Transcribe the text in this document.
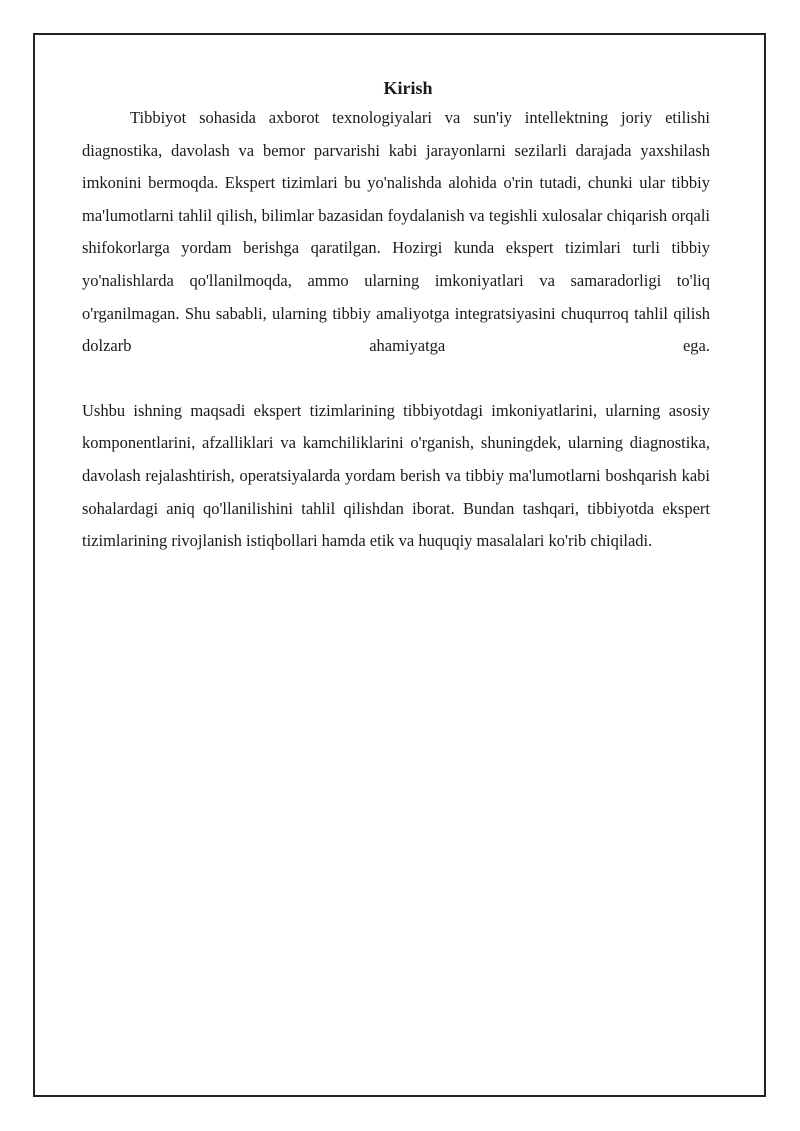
Kirish

Tibbiyot sohasida axborot texnologiyalari va sun'iy intellektning joriy etilishi diagnostika, davolash va bemor parvarishi kabi jarayonlarni sezilarli darajada yaxshilash imkonini bermoqda. Ekspert tizimlari bu yo'nalishda alohida o'rin tutadi, chunki ular tibbiy ma'lumotlarni tahlil qilish, bilimlar bazasidan foydalanish va tegishli xulosalar chiqarish orqali shifokorlarga yordam berishga qaratilgan. Hozirgi kunda ekspert tizimlari turli tibbiy yo'nalishlarda qo'llanilmoqda, ammo ularning imkoniyatlari va samaradorligi to'liq o'rganilmagan. Shu sababli, ularning tibbiy amaliyotga integratsiyasini chuqurroq tahlil qilish dolzarb ahamiyatga ega.

Ushbu ishning maqsadi ekspert tizimlarining tibbiyotdagi imkoniyatlarini, ularning asosiy komponentlarini, afzalliklari va kamchiliklarini o'rganish, shuningdek, ularning diagnostika, davolash rejalashtirish, operatsiyalarda yordam berish va tibbiy ma'lumotlarni boshqarish kabi sohalardagi aniq qo'llanilishini tahlil qilishdan iborat. Bundan tashqari, tibbiyotda ekspert tizimlarining rivojlanish istiqbollari hamda etik va huquqiy masalalari ko'rib chiqiladi.
